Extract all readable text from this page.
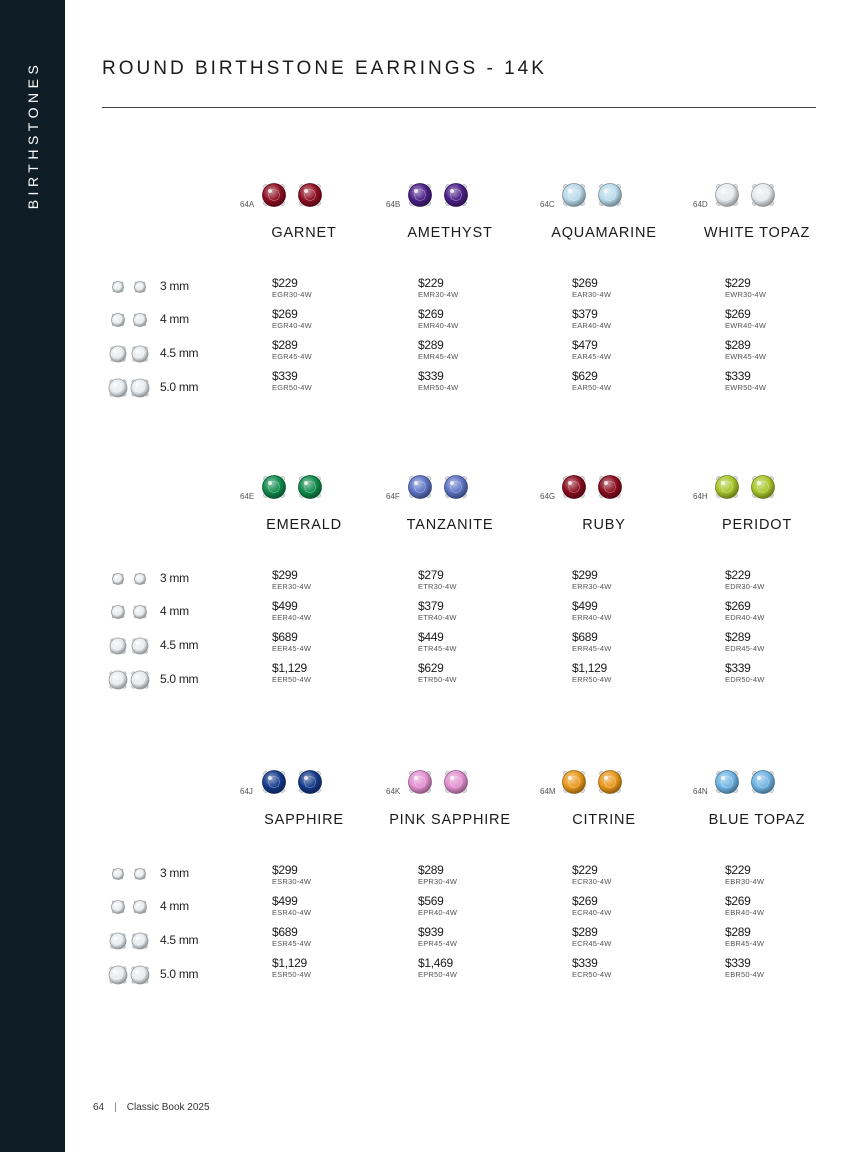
BIRTHSTONES	ROUND BIRTHSTONE EARRINGS - 14K
3 mm
4 mm
4.5 mm
5.0 mm
64A
GARNET
$229
EGR30-4W
$269
EGR40-4W
$289
EGR45-4W
$339
EGR50-4W
64B
AMETHYST
$229
EMR30-4W
$269
EMR40-4W
$289
EMR45-4W
$339
EMR50-4W
64C
AQUAMARINE
$269
EAR30-4W
$379
EAR40-4W
$479
EAR45-4W
$629
EAR50-4W
64D
WHITE TOPAZ
$229
EWR30-4W
$269
EWR40-4W
$289
EWR45-4W
$339
EWR50-4W
3 mm
4 mm
4.5 mm
5.0 mm
64E
EMERALD
$299
EER30-4W
$499
EER40-4W
$689
EER45-4W
$1,129
EER50-4W
64F
TANZANITE
$279
ETR30-4W
$379
ETR40-4W
$449
ETR45-4W
$629
ETR50-4W
64G
RUBY
$299
ERR30-4W
$499
ERR40-4W
$689
ERR45-4W
$1,129
ERR50-4W
64H
PERIDOT
$229
EDR30-4W
$269
EDR40-4W
$289
EDR45-4W
$339
EDR50-4W
3 mm
4 mm
4.5 mm
5.0 mm
64J
SAPPHIRE
$299
ESR30-4W
$499
ESR40-4W
$689
ESR45-4W
$1,129
ESR50-4W
64K
PINK SAPPHIRE
$289
EPR30-4W
$569
EPR40-4W
$939
EPR45-4W
$1,469
EPR50-4W
64M
CITRINE
$229
ECR30-4W
$269
ECR40-4W
$289
ECR45-4W
$339
ECR50-4W
64N
BLUE TOPAZ
$229
EBR30-4W
$269
EBR40-4W
$289
EBR45-4W
$339
EBR50-4W
64 | Classic Book 2025
